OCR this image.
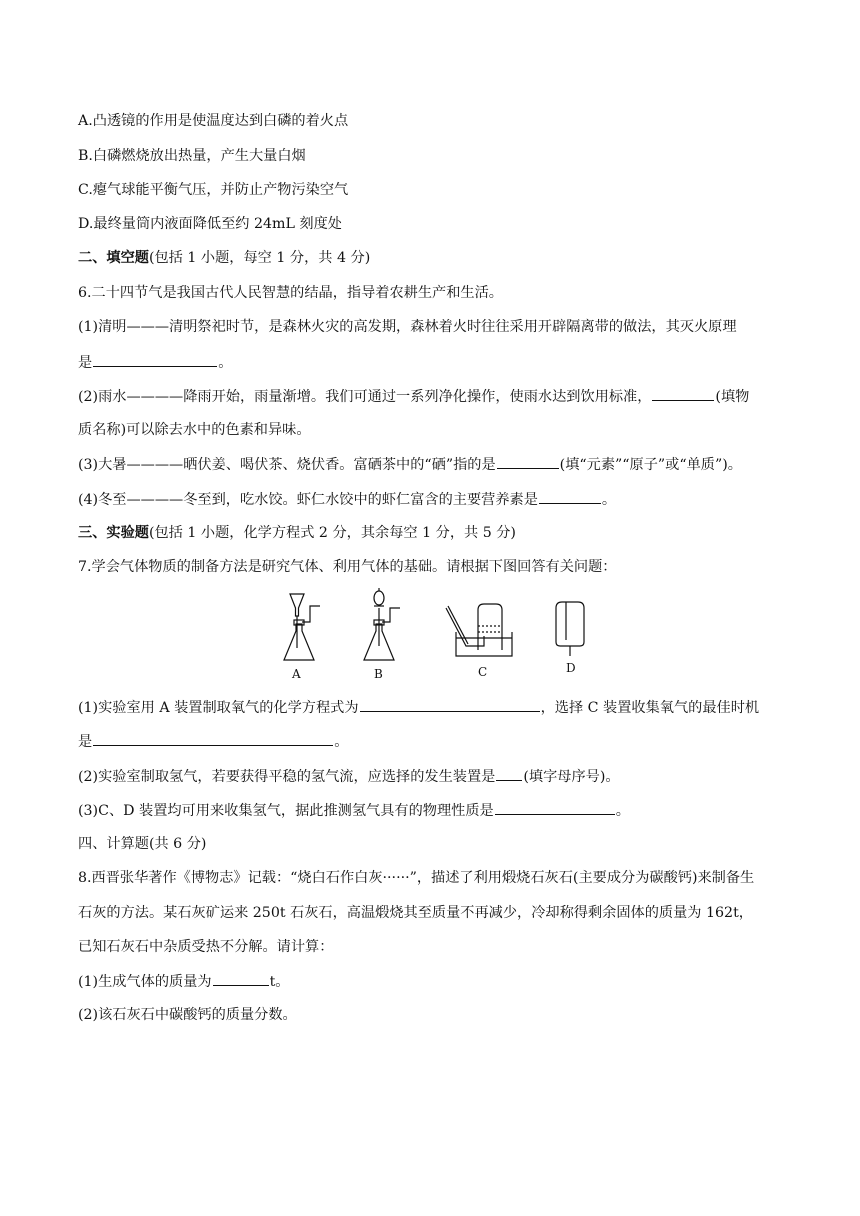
A.凸透镜的作用是使温度达到白磷的着火点
B.白磷燃烧放出热量，产生大量白烟
C.瘪气球能平衡气压，并防止产物污染空气
D.最终量筒内液面降低至约 24mL 刻度处
二、填空题(包括 1 小题，每空 1 分，共 4 分)
6.二十四节气是我国古代人民智慧的结晶，指导着农耕生产和生活。
(1)清明———清明祭祀时节，是森林火灾的高发期，森林着火时往往采用开辟隔离带的做法，其灭火原理
是	。
(2)雨水————降雨开始，雨量渐增。我们可通过一系列净化操作，使雨水达到饮用标准，	(填物
质名称)可以除去水中的色素和异味。
(3)大暑————晒伏姜、喝伏茶、烧伏香。富硒茶中的“硒”指的是	(填“元素”“原子”或“单质”)。
(4)冬至————冬至到，吃水饺。虾仁水饺中的虾仁富含的主要营养素是	。
三、实验题(包括 1 小题，化学方程式 2 分，其余每空 1 分，共 5 分)
7.学会气体物质的制备方法是研究气体、利用气体的基础。请根据下图回答有关问题：
A	B	C	D
(1)实验室用 A 装置制取氧气的化学方程式为	，选择 C 装置收集氧气的最佳时机
是	。
(2)实验室制取氢气，若要获得平稳的氢气流，应选择的发生装置是 (填字母序号)。
(3)C、D 装置均可用来收集氢气，据此推测氢气具有的物理性质是	。
四、计算题(共 6 分)
8.西晋张华著作《博物志》记载：“烧白石作白灰······”，描述了利用煅烧石灰石(主要成分为碳酸钙)来制备生
石灰的方法。某石灰矿运来 250t 石灰石，高温煅烧其至质量不再减少，冷却称得剩余固体的质量为 162t，
已知石灰石中杂质受热不分解。请计算：
(1)生成气体的质量为	t。
(2)该石灰石中碳酸钙的质量分数。
